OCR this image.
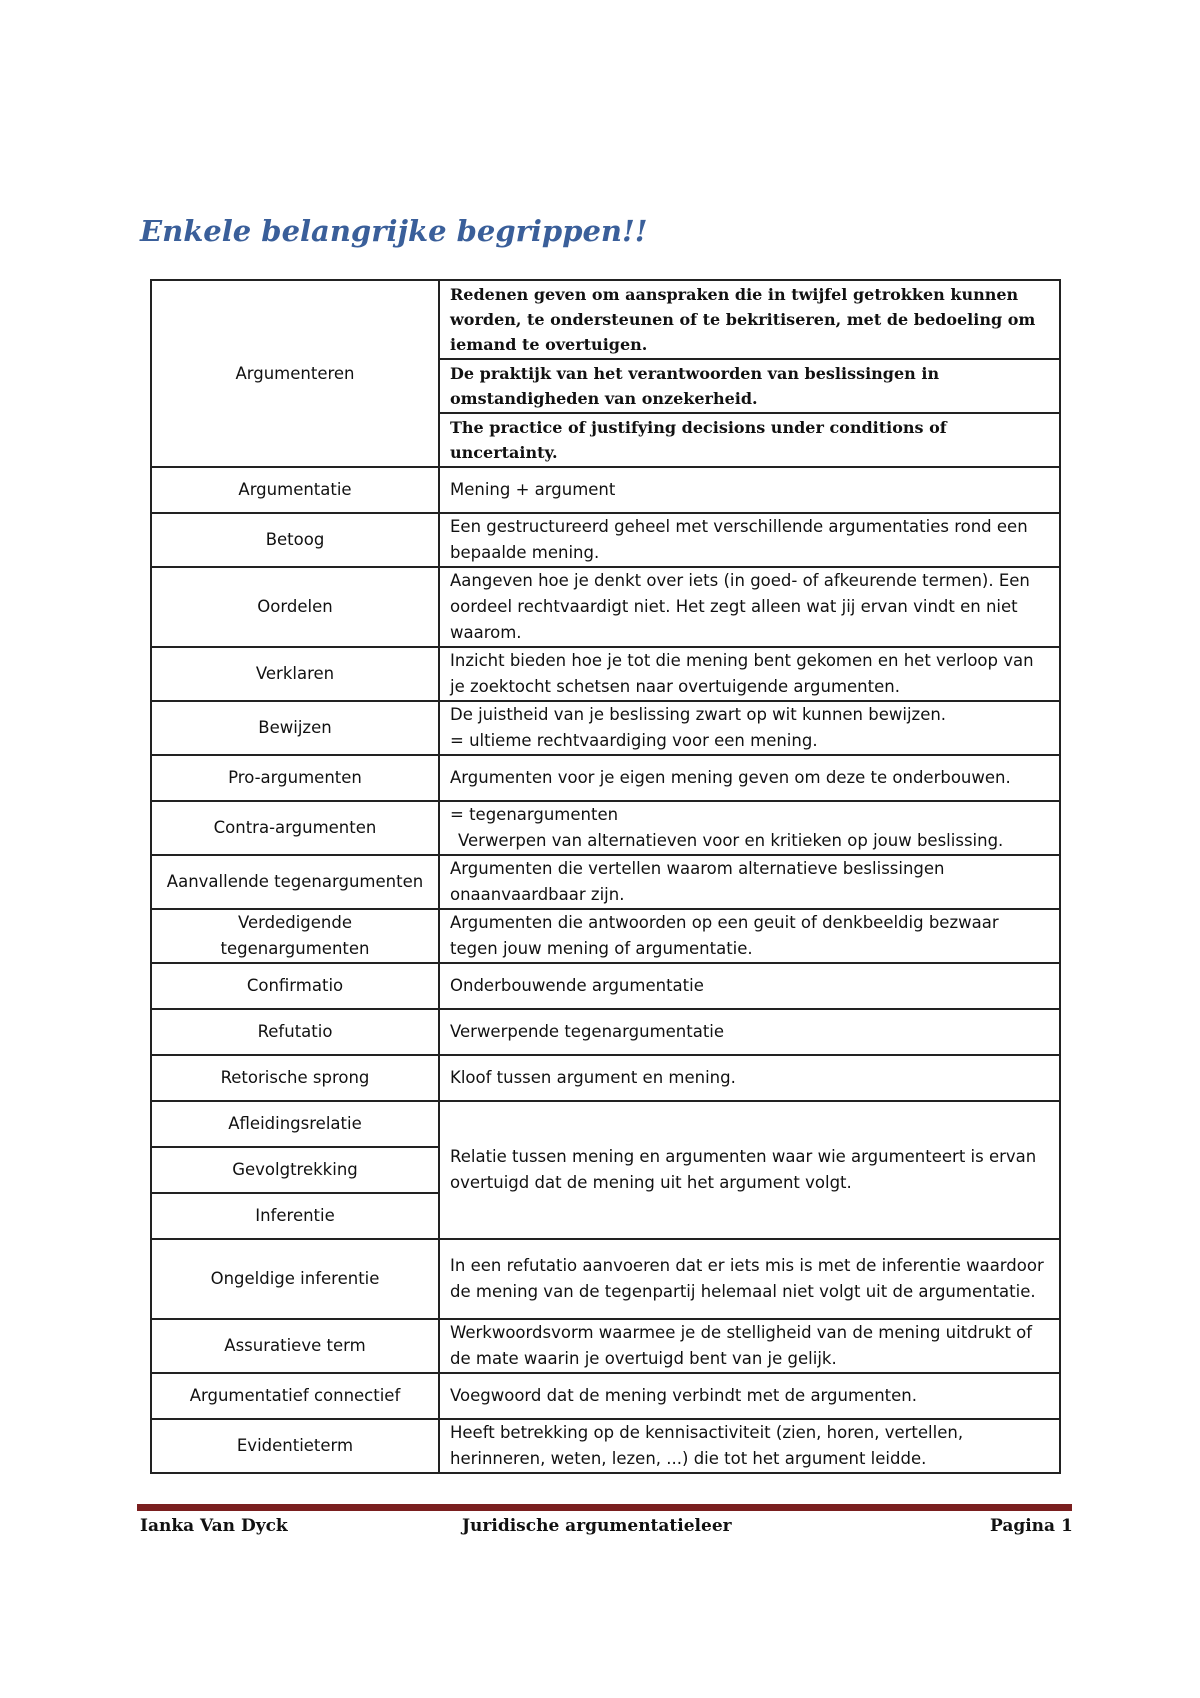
Enkele belangrijke begrippen!!
Argumenteren	Redenen geven om aanspraken die in twijfel getrokken kunnen worden, te ondersteunen of te bekritiseren, met de bedoeling om iemand te overtuigen.
De praktijk van het verantwoorden van beslissingen in omstandigheden van onzekerheid.
The practice of justifying decisions under conditions of uncertainty.

Argumentatie	Mening + argument
Betoog	Een gestructureerd geheel met verschillende argumentaties rond een bepaalde mening.
Oordelen	Aangeven hoe je denkt over iets (in goed- of afkeurende termen). Een oordeel rechtvaardigt niet. Het zegt alleen wat jij ervan vindt en niet waarom.
Verklaren	Inzicht bieden hoe je tot die mening bent gekomen en het verloop van je zoektocht schetsen naar overtuigende argumenten.
Bewijzen	De juistheid van je beslissing zwart op wit kunnen bewijzen.
= ultieme rechtvaardiging voor een mening.

Pro-argumenten	Argumenten voor je eigen mening geven om deze te onderbouwen.
Contra-argumenten	= tegenargumenten
Verwerpen van alternatieven voor en kritieken op jouw beslissing.

Aanvallende tegenargumenten	Argumenten die vertellen waarom alternatieve beslissingen onaanvaardbaar zijn.
Verdedigende tegenargumenten	Argumenten die antwoorden op een geuit of denkbeeldig bezwaar tegen jouw mening of argumentatie.
Confirmatio	Onderbouwende argumentatie
Refutatio	Verwerpende tegenargumentatie
Retorische sprong	Kloof tussen argument en mening.
Afleidingsrelatie	Relatie tussen mening en argumenten waar wie argumenteert is ervan overtuigd dat de mening uit het argument volgt.
Gevolgtrekking	
Inferentie	
Ongeldige inferentie	In een refutatio aanvoeren dat er iets mis is met de inferentie waardoor de mening van de tegenpartij helemaal niet volgt uit de argumentatie.
Assuratieve term	Werkwoordsvorm waarmee je de stelligheid van de mening uitdrukt of de mate waarin je overtuigd bent van je gelijk.
Argumentatief connectief	Voegwoord dat de mening verbindt met de argumenten.
Evidentieterm	Heeft betrekking op de kennisactiviteit (zien, horen, vertellen, herinneren, weten, lezen, ...) die tot het argument leidde.
Ianka Van Dyck	Juridische argumentatieleer	Pagina 1
